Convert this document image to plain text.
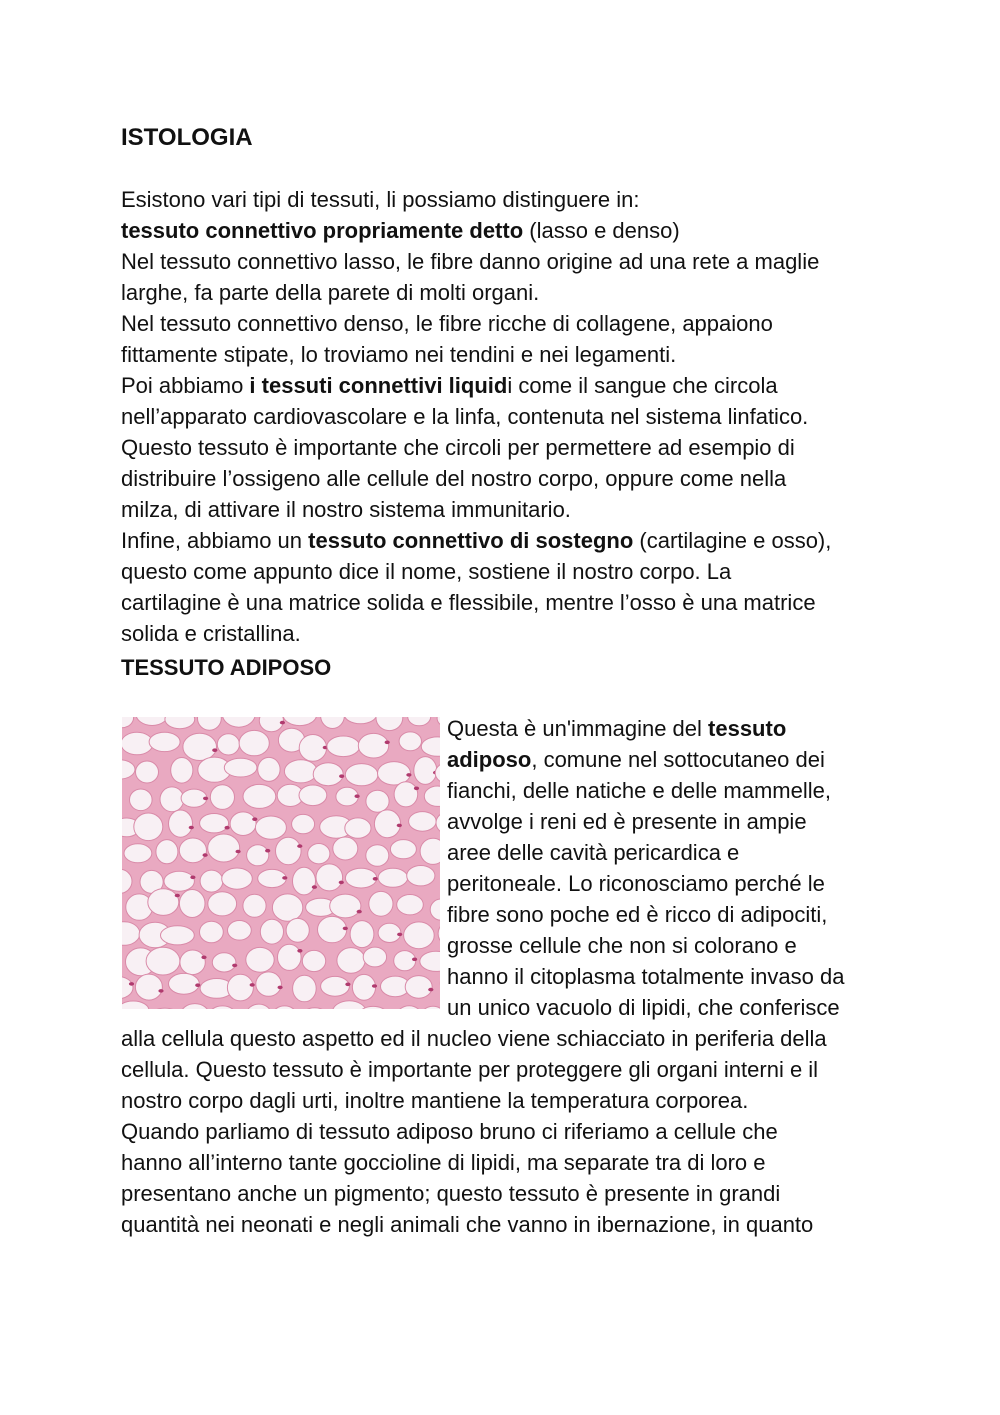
ISTOLOGIA
Esistono vari tipi di tessuti, li possiamo distinguere in:
tessuto connettivo propriamente detto (lasso e denso)
Nel tessuto connettivo lasso, le fibre danno origine ad una rete a maglie
larghe, fa parte della parete di molti organi.
Nel tessuto connettivo denso, le fibre ricche di collagene, appaiono
fittamente stipate, lo troviamo nei tendini e nei legamenti.
Poi abbiamo i tessuti connettivi liquidi come il sangue che circola
nell’apparato cardiovascolare e la linfa, contenuta nel sistema linfatico.
Questo tessuto è importante che circoli per permettere ad esempio di
distribuire l’ossigeno alle cellule del nostro corpo, oppure come nella
milza, di attivare il nostro sistema immunitario.
Infine, abbiamo un tessuto connettivo di sostegno (cartilagine e osso),
questo come appunto dice il nome, sostiene il nostro corpo. La
cartilagine è una matrice solida e flessibile, mentre l’osso è una matrice
solida e cristallina.
TESSUTO ADIPOSO
Questa è un'immagine del tessuto
adiposo, comune nel sottocutaneo dei
fianchi, delle natiche e delle mammelle,
avvolge i reni ed è presente in ampie
aree delle cavità pericardica e
peritoneale. Lo riconosciamo perché le
fibre sono poche ed è ricco di adipociti,
grosse cellule che non si colorano e
hanno il citoplasma totalmente invaso da
un unico vacuolo di lipidi, che conferisce
alla cellula questo aspetto ed il nucleo viene schiacciato in periferia della
cellula. Questo tessuto è importante per proteggere gli organi interni e il
nostro corpo dagli urti, inoltre mantiene la temperatura corporea.
Quando parliamo di tessuto adiposo bruno ci riferiamo a cellule che
hanno all’interno tante goccioline di lipidi, ma separate tra di loro e
presentano anche un pigmento; questo tessuto è presente in grandi
quantità nei neonati e negli animali che vanno in ibernazione, in quanto
